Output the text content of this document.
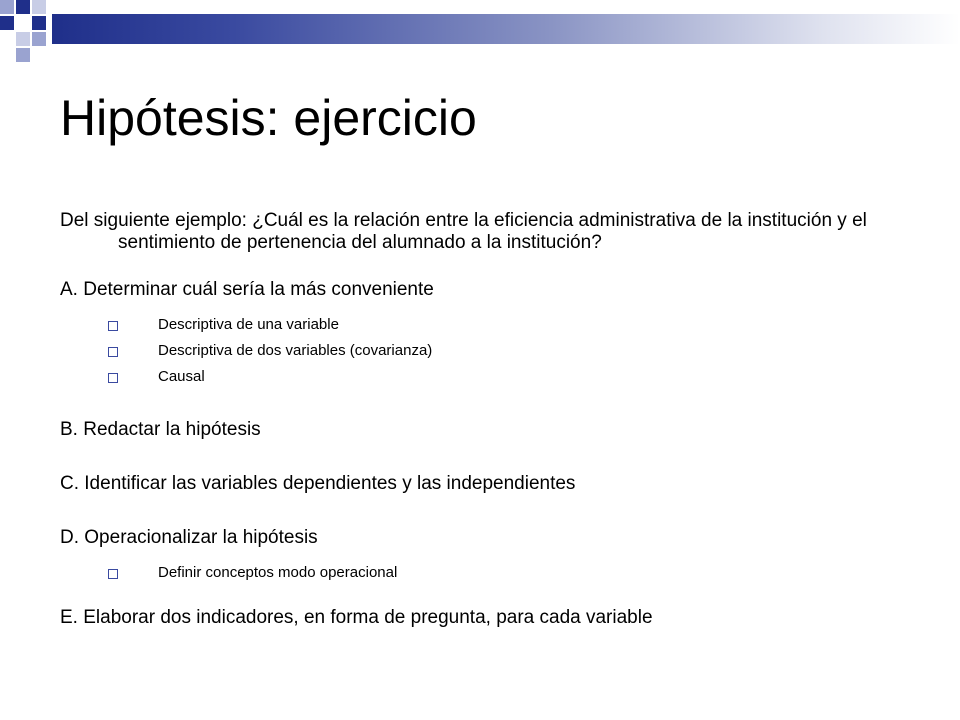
Hipótesis: ejercicio

Del siguiente ejemplo: ¿Cuál es la relación entre la eficiencia administrativa de la institución y el sentimiento de pertenencia del alumnado a la institución?

A. Determinar cuál sería la más conveniente

Descriptiva de una variable

Descriptiva de dos variables (covarianza)

Causal

B. Redactar la hipótesis

C. Identificar las variables dependientes y las independientes

D. Operacionalizar la hipótesis

Definir conceptos modo operacional

E. Elaborar dos indicadores, en forma de pregunta, para cada variable
